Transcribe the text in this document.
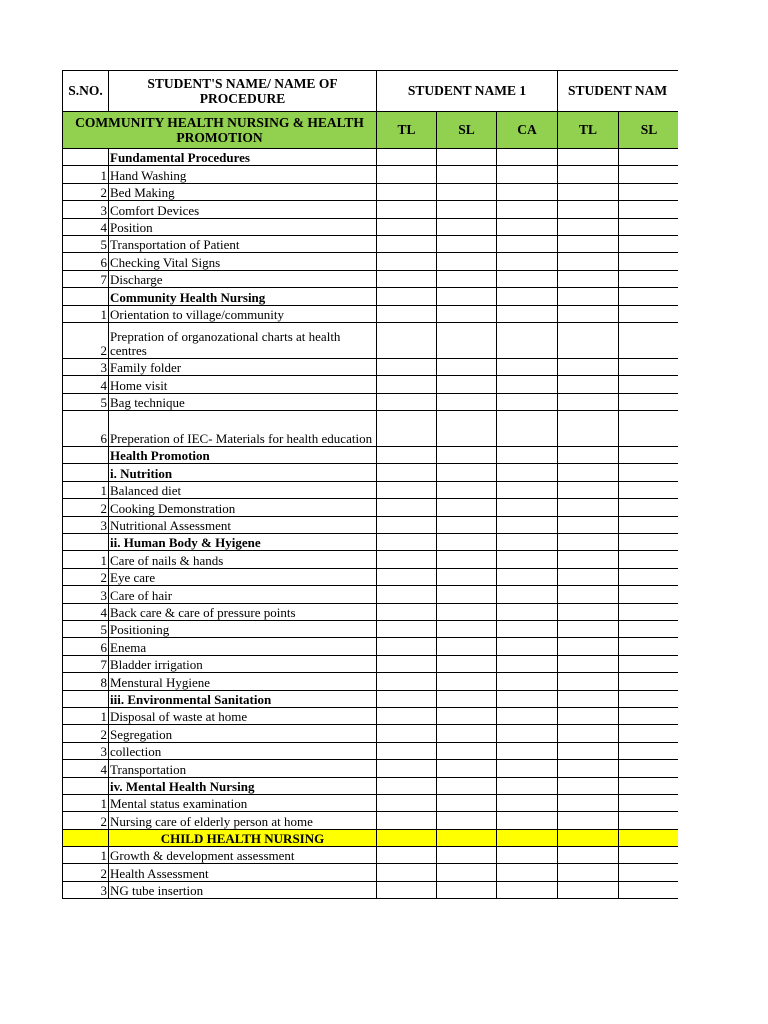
S.NO.	STUDENT'S NAME/ NAME OF PROCEDURE	STUDENT NAME 1			STUDENT NAM		
COMMUNITY HEALTH NURSING & HEALTH PROMOTION		TL	SL	CA	TL	SL	
	Fundamental Procedures						
1	Hand Washing						
2	Bed Making						
3	Comfort Devices						
4	Position						
5	Transportation of Patient						
6	Checking Vital Signs						
7	Discharge						
	Community Health Nursing						
1	Orientation to village/community						
2	Prepration of organozational charts at health centres						
3	Family folder						
4	Home visit						
5	Bag technique						
6	Preperation of IEC- Materials for health education						
	Health Promotion						
	i. Nutrition						
1	Balanced diet						
2	Cooking Demonstration						
3	Nutritional Assessment						
	ii. Human Body & Hyigene						
1	Care of nails & hands						
2	Eye care						
3	Care of hair						
4	Back care & care of pressure points						
5	Positioning						
6	Enema						
7	Bladder irrigation						
8	Menstural Hygiene						
	iii. Environmental Sanitation						
1	Disposal of waste at home						
2	Segregation						
3	collection						
4	Transportation						
	iv. Mental Health Nursing						
1	Mental status examination						
2	Nursing care of elderly person at home						
	CHILD HEALTH NURSING						
1	Growth & development assessment						
2	Health Assessment						
3	NG tube insertion						
